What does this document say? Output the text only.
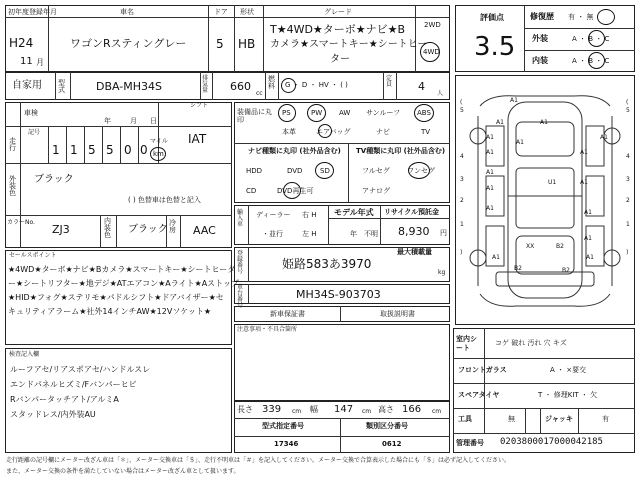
初年度登録年月	車名	ドア 形状	グレード
H24
11 月
ワゴンRスティングレー 5 HB
T★4WD★ターボ★ナビ★B
カメラ★スマートキー★シートヒー
ター
2WD
4WD
自家用 型式	DBA-MH34S
排気量 660
cc
燃料 G ・ D ・ HV ・ ( )
定員 4
人
車検
年	月 日
シフト
IAT
走行
記号
1 1 5 5 0 0
マイル
km
外装色
ブラック
( ) 色替車は色替と記入
カラーNo.
ZJ3
内装色 ブラック
冷房 AAC
装備品に丸印
PS	PW AW サンルーフ ABS
本革	エアバッグ	ナビ	TV
ナビ種類に丸印 (社外品含む)
HDD	DVD	SD
CD	DVD再生可
TV種類に丸印 (社外品含む)
フルセグ ワンセグ
アナログ
輸入車
ディーラー
・並行
右 H
左 H
モデル年式
年 不明
リサイクル預託金
8,930 円
登録番号
姫路583あ3970
最大積載量
kg
車台番号
MH34S-903703
新車保証書	取扱説明書
セールスポイント
★4WD★ターボ★ナビ★Bカメラ★スマートキー★シートヒータ
ー★シートリフター★地デジ★ATエアコン★Aライト★Aストップ
★HID★フォグ★ステリモ★パドルシフト★ドアバイザー★セ
キュリティアラーム★社外14インチAW★12Vソケット★
注意事項・不具合箇所
検査記入欄
ルーフアセ/リアスポアセ/ハンドルスレ
エンドパネルヒズミ/Fバンパーヒビ
Rバンパータッチアト/アルミA
スタッドレス/内外装AU
長さ 339 cm 幅 147 cm 高さ 166 cm
型式指定番号	類別区分番号
17346	0612
評価点
3.5
修復歴 有 ・ 無
外装	A ・ B ・ C
内装	A ・ B ・ C
A1
A1	A1
A1
A1
A1
A1	A1
A1
A1
A1
U1
A1
A1
XX	B2
B2
A1	A1
B2
A1
(
5
4
3
2
1
)
(
5
4
3
2
1
)
室内シート
コゲ 破れ 汚れ 穴 キズ
フロントガラス	A ・ ×要交
スペアタイヤ	T ・ 修理KIT ・ 欠
工具	無	ジャッキ	有
管理番号 0203800017000042185
走行距離の記号欄にメーター改ざん車は「＊」、メーター交換車は「＄」、走行不明車は「＃」を記入してください。メーター交換で合算表示した場合にも「＄」は必ず記入してください。
また、メーター交換の条件を満たしていない場合はメーター改ざん車として扱います。
